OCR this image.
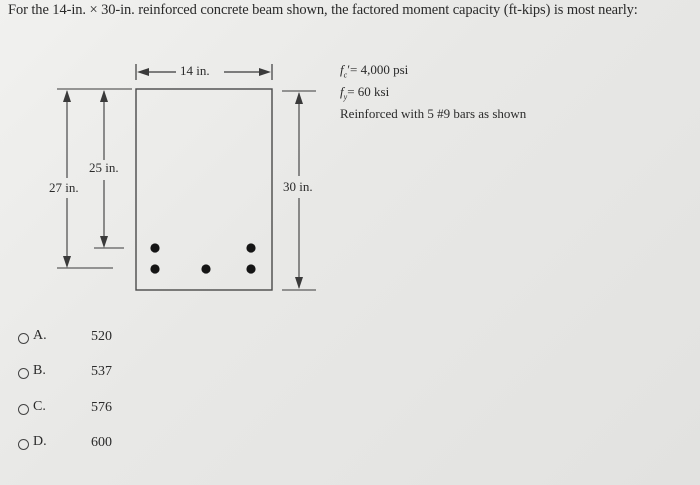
For the 14-in. × 30-in. reinforced concrete beam shown, the factored moment capacity (ft-kips) is most nearly:
14 in.
30 in.
27 in.
25 in.
$f_c'= 4,000$ psi
$f_y= 60$ ksi
Reinforced with 5 #9 bars as shown
A.	520
B.	537
C.	576
D.	600
